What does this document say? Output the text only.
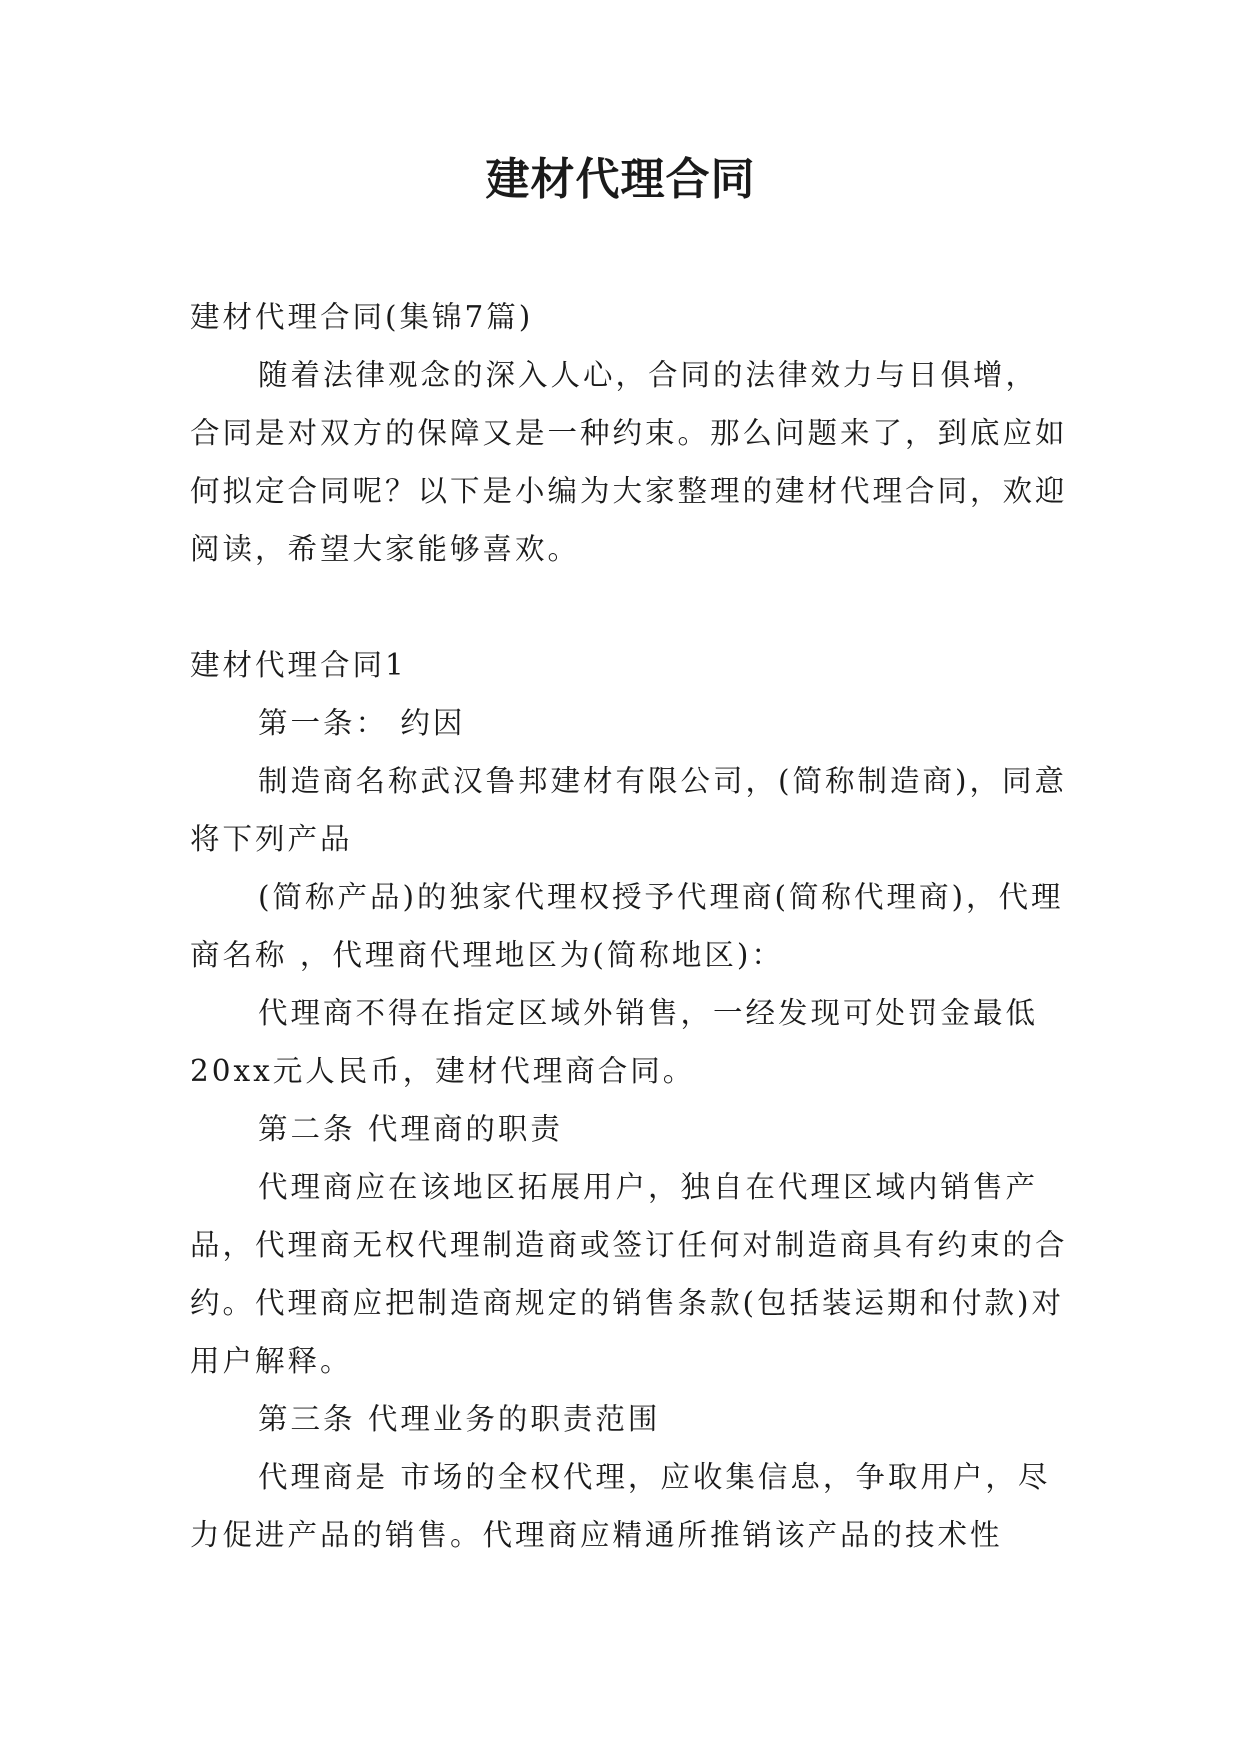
建材代理合同

建材代理合同(集锦7篇)

随着法律观念的深入人心，合同的法律效力与日俱增，合同是对双方的保障又是一种约束。那么问题来了，到底应如何拟定合同呢？以下是小编为大家整理的建材代理合同，欢迎阅读，希望大家能够喜欢。

建材代理合同1

第一条： 约因

制造商名称武汉鲁邦建材有限公司，(简称制造商)，同意将下列产品

(简称产品)的独家代理权授予代理商(简称代理商)，代理商名称 ，代理商代理地区为(简称地区)：

代理商不得在指定区域外销售，一经发现可处罚金最低20xx元人民币，建材代理商合同。

第二条 代理商的职责

代理商应在该地区拓展用户，独自在代理区域内销售产品，代理商无权代理制造商或签订任何对制造商具有约束的合约。代理商应把制造商规定的销售条款(包括装运期和付款)对用户解释。

第三条 代理业务的职责范围

代理商是 市场的全权代理，应收集信息，争取用户，尽力促进产品的销售。代理商应精通所推销该产品的技术性
